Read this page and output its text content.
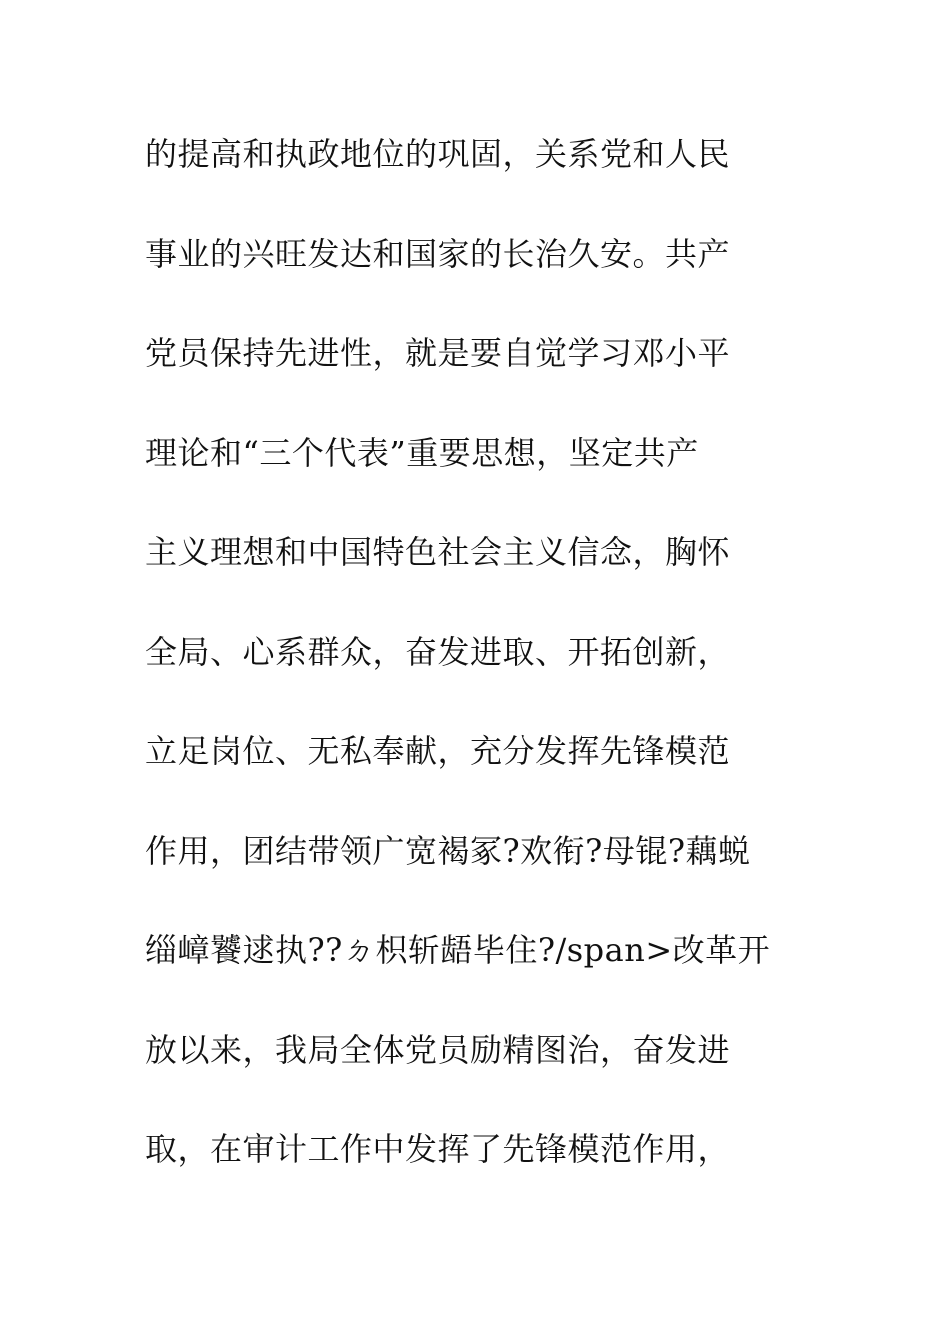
的提高和执政地位的巩固，关系党和人民
事业的兴旺发达和国家的长治久安。共产
党员保持先进性，就是要自觉学习邓小平
理论和“三个代表”重要思想，坚定共产
主义理想和中国特色社会主义信念，胸怀
全局、心系群众，奋发进取、开拓创新，
立足岗位、无私奉献，充分发挥先锋模范
作用，团结带领广宽褐冢?欢衔?母锟?藕蜕
缁嶂饕逑执??ㄉ枳斩龉毕住?/span>改革开
放以来，我局全体党员励精图治，奋发进
取，在审计工作中发挥了先锋模范作用，
